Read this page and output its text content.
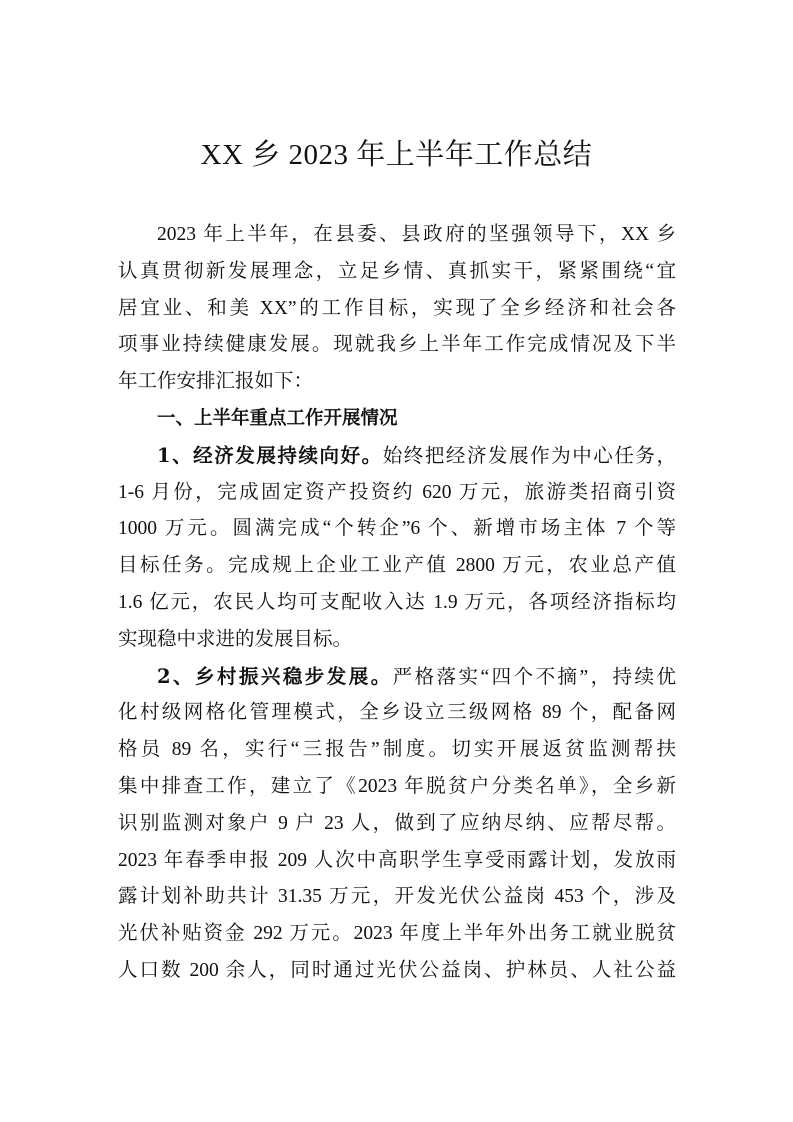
XX 乡 2023 年上半年工作总结
2023 年上半年，在县委、县政府的坚强领导下，XX 乡
认真贯彻新发展理念，立足乡情、真抓实干，紧紧围绕“宜
居宜业、和美 XX”的工作目标，实现了全乡经济和社会各
项事业持续健康发展。现就我乡上半年工作完成情况及下半
年工作安排汇报如下：
一、上半年重点工作开展情况
1、经济发展持续向好。始终把经济发展作为中心任务，
1-6 月份，完成固定资产投资约 620 万元，旅游类招商引资
1000 万元。圆满完成“个转企”6 个、新增市场主体 7 个等
目标任务。完成规上企业工业产值 2800 万元，农业总产值
1.6 亿元，农民人均可支配收入达 1.9 万元，各项经济指标均
实现稳中求进的发展目标。
2、乡村振兴稳步发展。严格落实“四个不摘”，持续优
化村级网格化管理模式，全乡设立三级网格 89 个，配备网
格员 89 名，实行“三报告”制度。切实开展返贫监测帮扶
集中排查工作，建立了《2023 年脱贫户分类名单》，全乡新
识别监测对象户 9 户 23 人，做到了应纳尽纳、应帮尽帮。
2023 年春季申报 209 人次中高职学生享受雨露计划，发放雨
露计划补助共计 31.35 万元，开发光伏公益岗 453 个，涉及
光伏补贴资金 292 万元。2023 年度上半年外出务工就业脱贫
人口数 200 余人，同时通过光伏公益岗、护林员、人社公益
